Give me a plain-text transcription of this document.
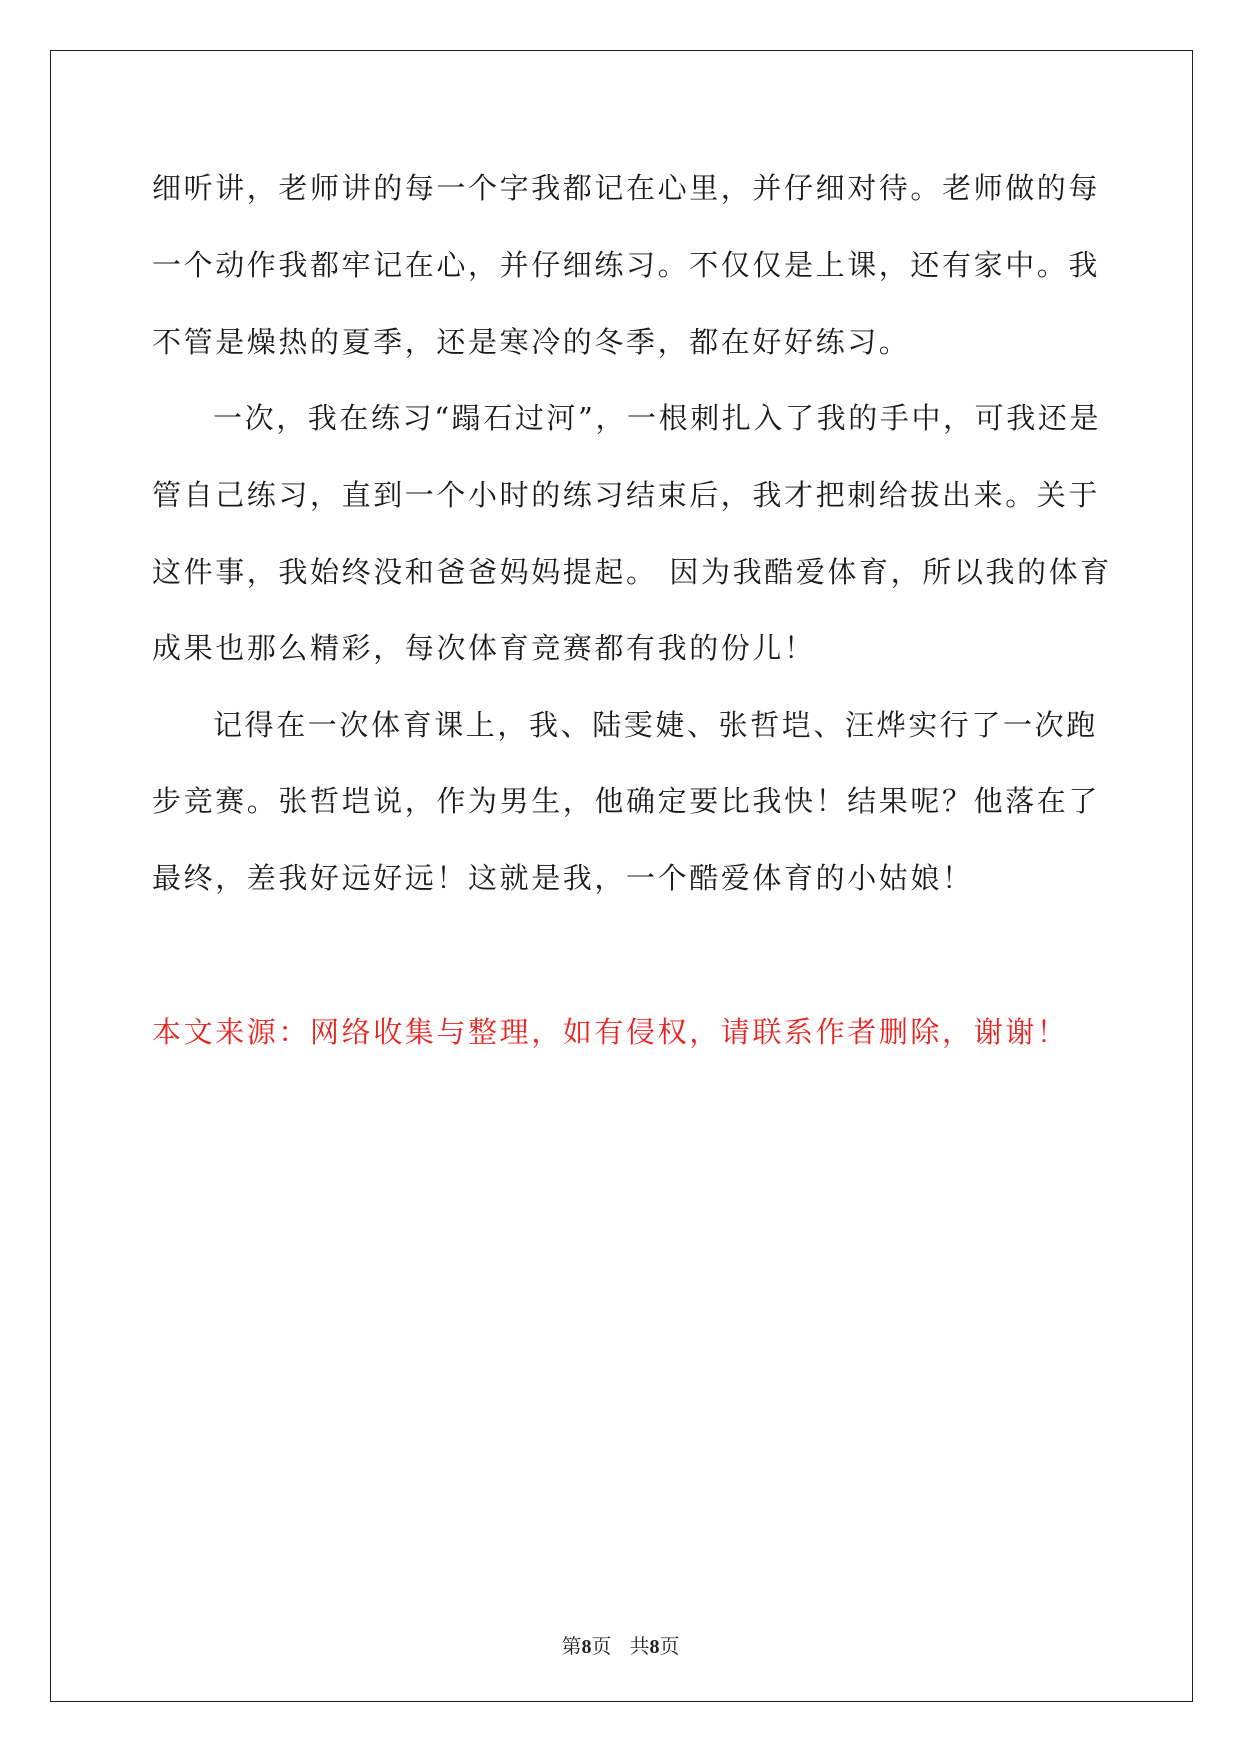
细听讲，老师讲的每一个字我都记在心里，并仔细对待。老师做的每
一个动作我都牢记在心，并仔细练习。不仅仅是上课，还有家中。我
不管是燥热的夏季，还是寒冷的冬季，都在好好练习。
一次，我在练习“蹋石过河”，一根刺扎入了我的手中，可我还是
管自己练习，直到一个小时的练习结束后，我才把刺给拔出来。关于
这件事，我始终没和爸爸妈妈提起。 因为我酷爱体育，所以我的体育
成果也那么精彩，每次体育竞赛都有我的份儿！
记得在一次体育课上，我、陆雯婕、张哲垲、汪烨实行了一次跑
步竞赛。张哲垲说，作为男生，他确定要比我快！结果呢？他落在了
最终，差我好远好远！这就是我，一个酷爱体育的小姑娘！
本文来源：网络收集与整理，如有侵权，请联系作者删除，谢谢！
第8页 共8页
